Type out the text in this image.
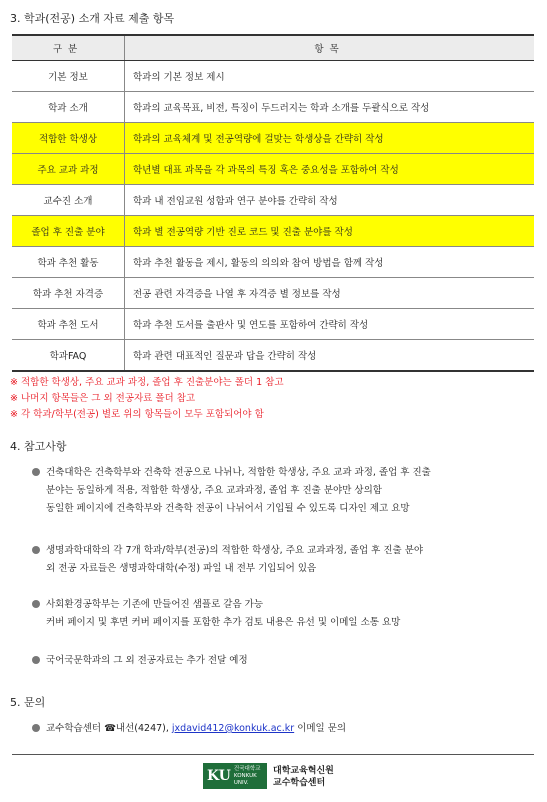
3. 학과(전공) 소개 자료 제출 항목
구분	항목
기본 정보	학과의 기본 정보 제시
학과 소개	학과의 교육목표, 비전, 특징이 두드러지는 학과 소개를 두괄식으로 작성
적합한 학생상	학과의 교육체계 및 전공역량에 걸맞는 학생상을 간략히 작성
주요 교과 과정	학년별 대표 과목을 각 과목의 특징 혹은 중요성을 포함하여 작성
교수진 소개	학과 내 전임교원 성함과 연구 분야를 간략히 작성
졸업 후 진출 분야	학과 별 전공역량 기반 진로 코드 및 진출 분야를 작성
학과 추천 활동	학과 추천 활동을 제시, 활동의 의의와 참여 방법을 함께 작성
학과 추천 자격증	전공 관련 자격증을 나열 후 자격증 별 정보를 작성
학과 추천 도서	학과 추천 도서를 출판사 및 연도를 포함하여 간략히 작성
학과FAQ	학과 관련 대표적인 질문과 답을 간략히 작성
※ 적합한 학생상, 주요 교과 과정, 졸업 후 진출분야는 폴더 1 참고
※ 나머지 항목들은 그 외 전공자료 폴더 참고
※ 각 학과/학부(전공) 별로 위의 항목들이 모두 포함되어야 함
4. 참고사항
건축대학은 건축학부와 건축학 전공으로 나뉘나, 적합한 학생상, 주요 교과 과정, 졸업 후 진출
분야는 동일하게 적용, 적합한 학생상, 주요 교과과정, 졸업 후 진출 분야만 상의함
동일한 페이지에 건축학부와 건축학 전공이 나뉘어서 기입될 수 있도록 디자인 제고 요망
생명과학대학의 각 7개 학과/학부(전공)의 적합한 학생상, 주요 교과과정, 졸업 후 진출 분야
외 전공 자료들은 생명과학대학(수정) 파일 내 전부 기입되어 있음
사회환경공학부는 기존에 만들어진 샘플로 갈음 가능
커버 페이지 및 후면 커버 페이지를 포함한 추가 검토 내용은 유선 및 이메일 소통 요망
국어국문학과의 그 외 전공자료는 추가 전달 예정
5. 문의
교수학습센터 ☎내선(4247), jxdavid412@konkuk.ac.kr 이메일 문의
KU 건국대학교
KONKUK UNIV.
대학교육혁신원
교수학습센터
